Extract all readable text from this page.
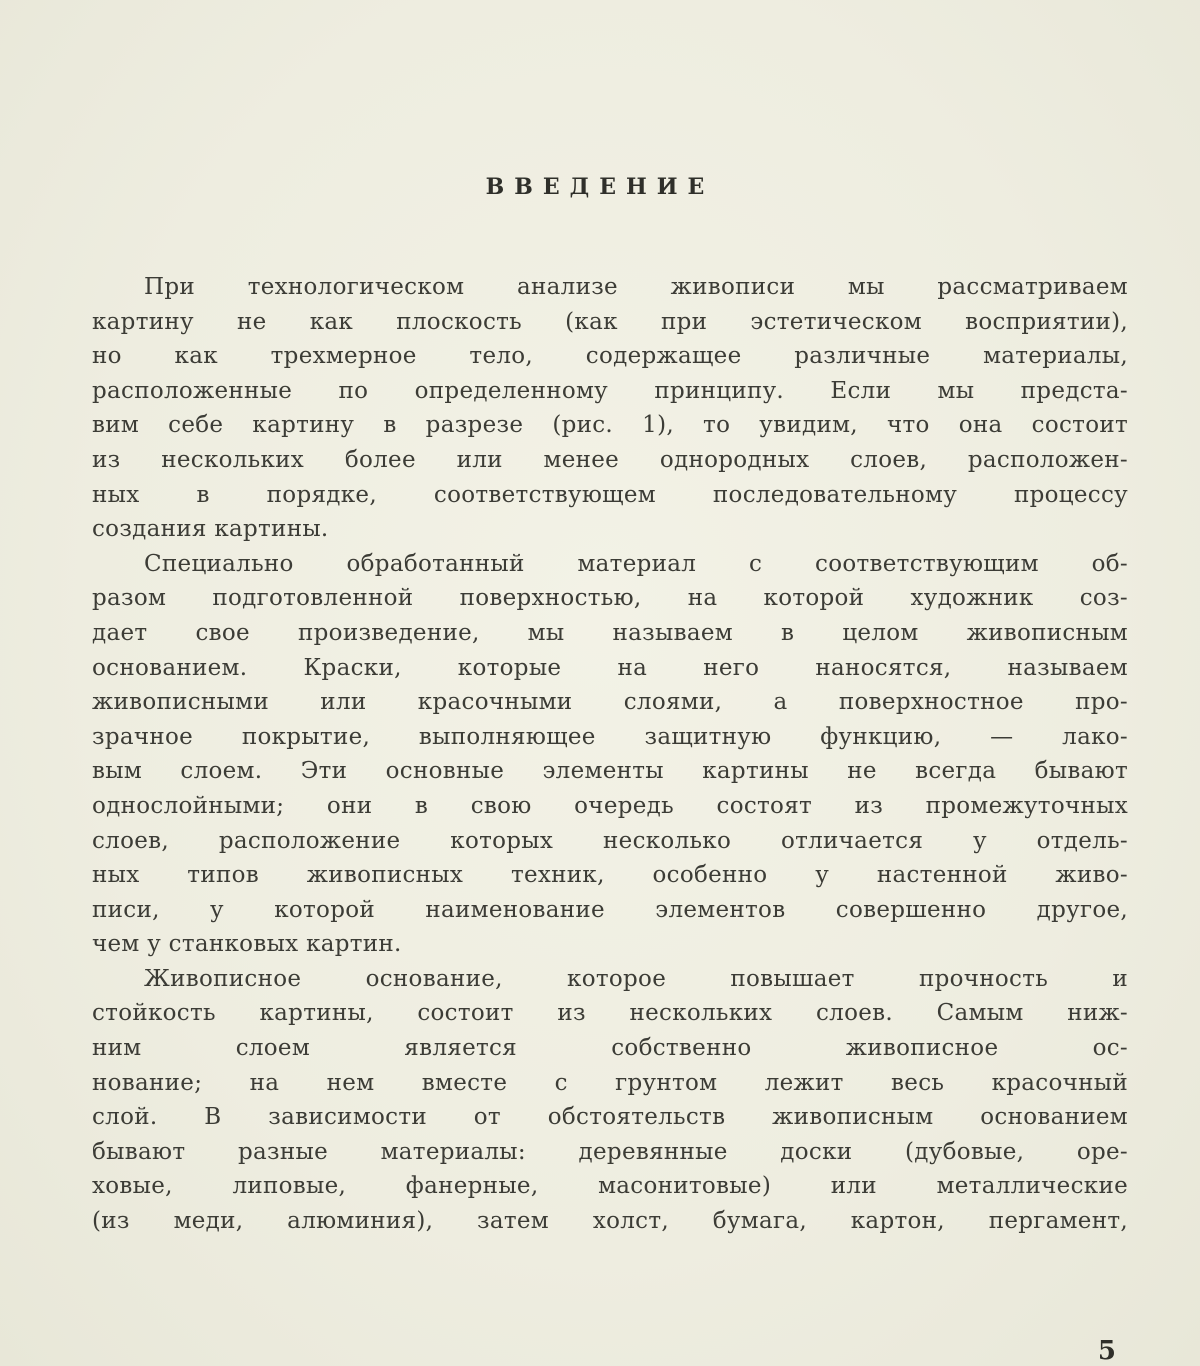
ВВЕДЕНИЕ
При технологическом анализе живописи мы рассматриваем
картину не как плоскость (как при эстетическом восприятии),
но как трехмерное тело, содержащее различные материалы,
расположенные по определенному принципу. Если мы предста-
вим себе картину в разрезе (рис. 1), то увидим, что она состоит
из нескольких более или менее однородных слоев, расположен-
ных в порядке, соответствующем последовательному процессу
создания картины.
Специально обработанный материал с соответствующим об-
разом подготовленной поверхностью, на которой художник соз-
дает свое произведение, мы называем в целом живописным
основанием. Краски, которые на него наносятся, называем
живописными или красочными слоями, а поверхностное про-
зрачное покрытие, выполняющее защитную функцию, — лако-
вым слоем. Эти основные элементы картины не всегда бывают
однослойными; они в свою очередь состоят из промежуточных
слоев, расположение которых несколько отличается у отдель-
ных типов живописных техник, особенно у настенной живо-
писи, у которой наименование элементов совершенно другое,
чем у станковых картин.
Живописное основание, которое повышает прочность и
стойкость картины, состоит из нескольких слоев. Самым ниж-
ним слоем является собственно живописное ос-
нование; на нем вместе с грунтом лежит весь красочный
слой. В зависимости от обстоятельств живописным основанием
бывают разные материалы: деревянные доски (дубовые, оре-
ховые, липовые, фанерные, масонитовые) или металлические
(из меди, алюминия), затем холст, бумага, картон, пергамент,
5
